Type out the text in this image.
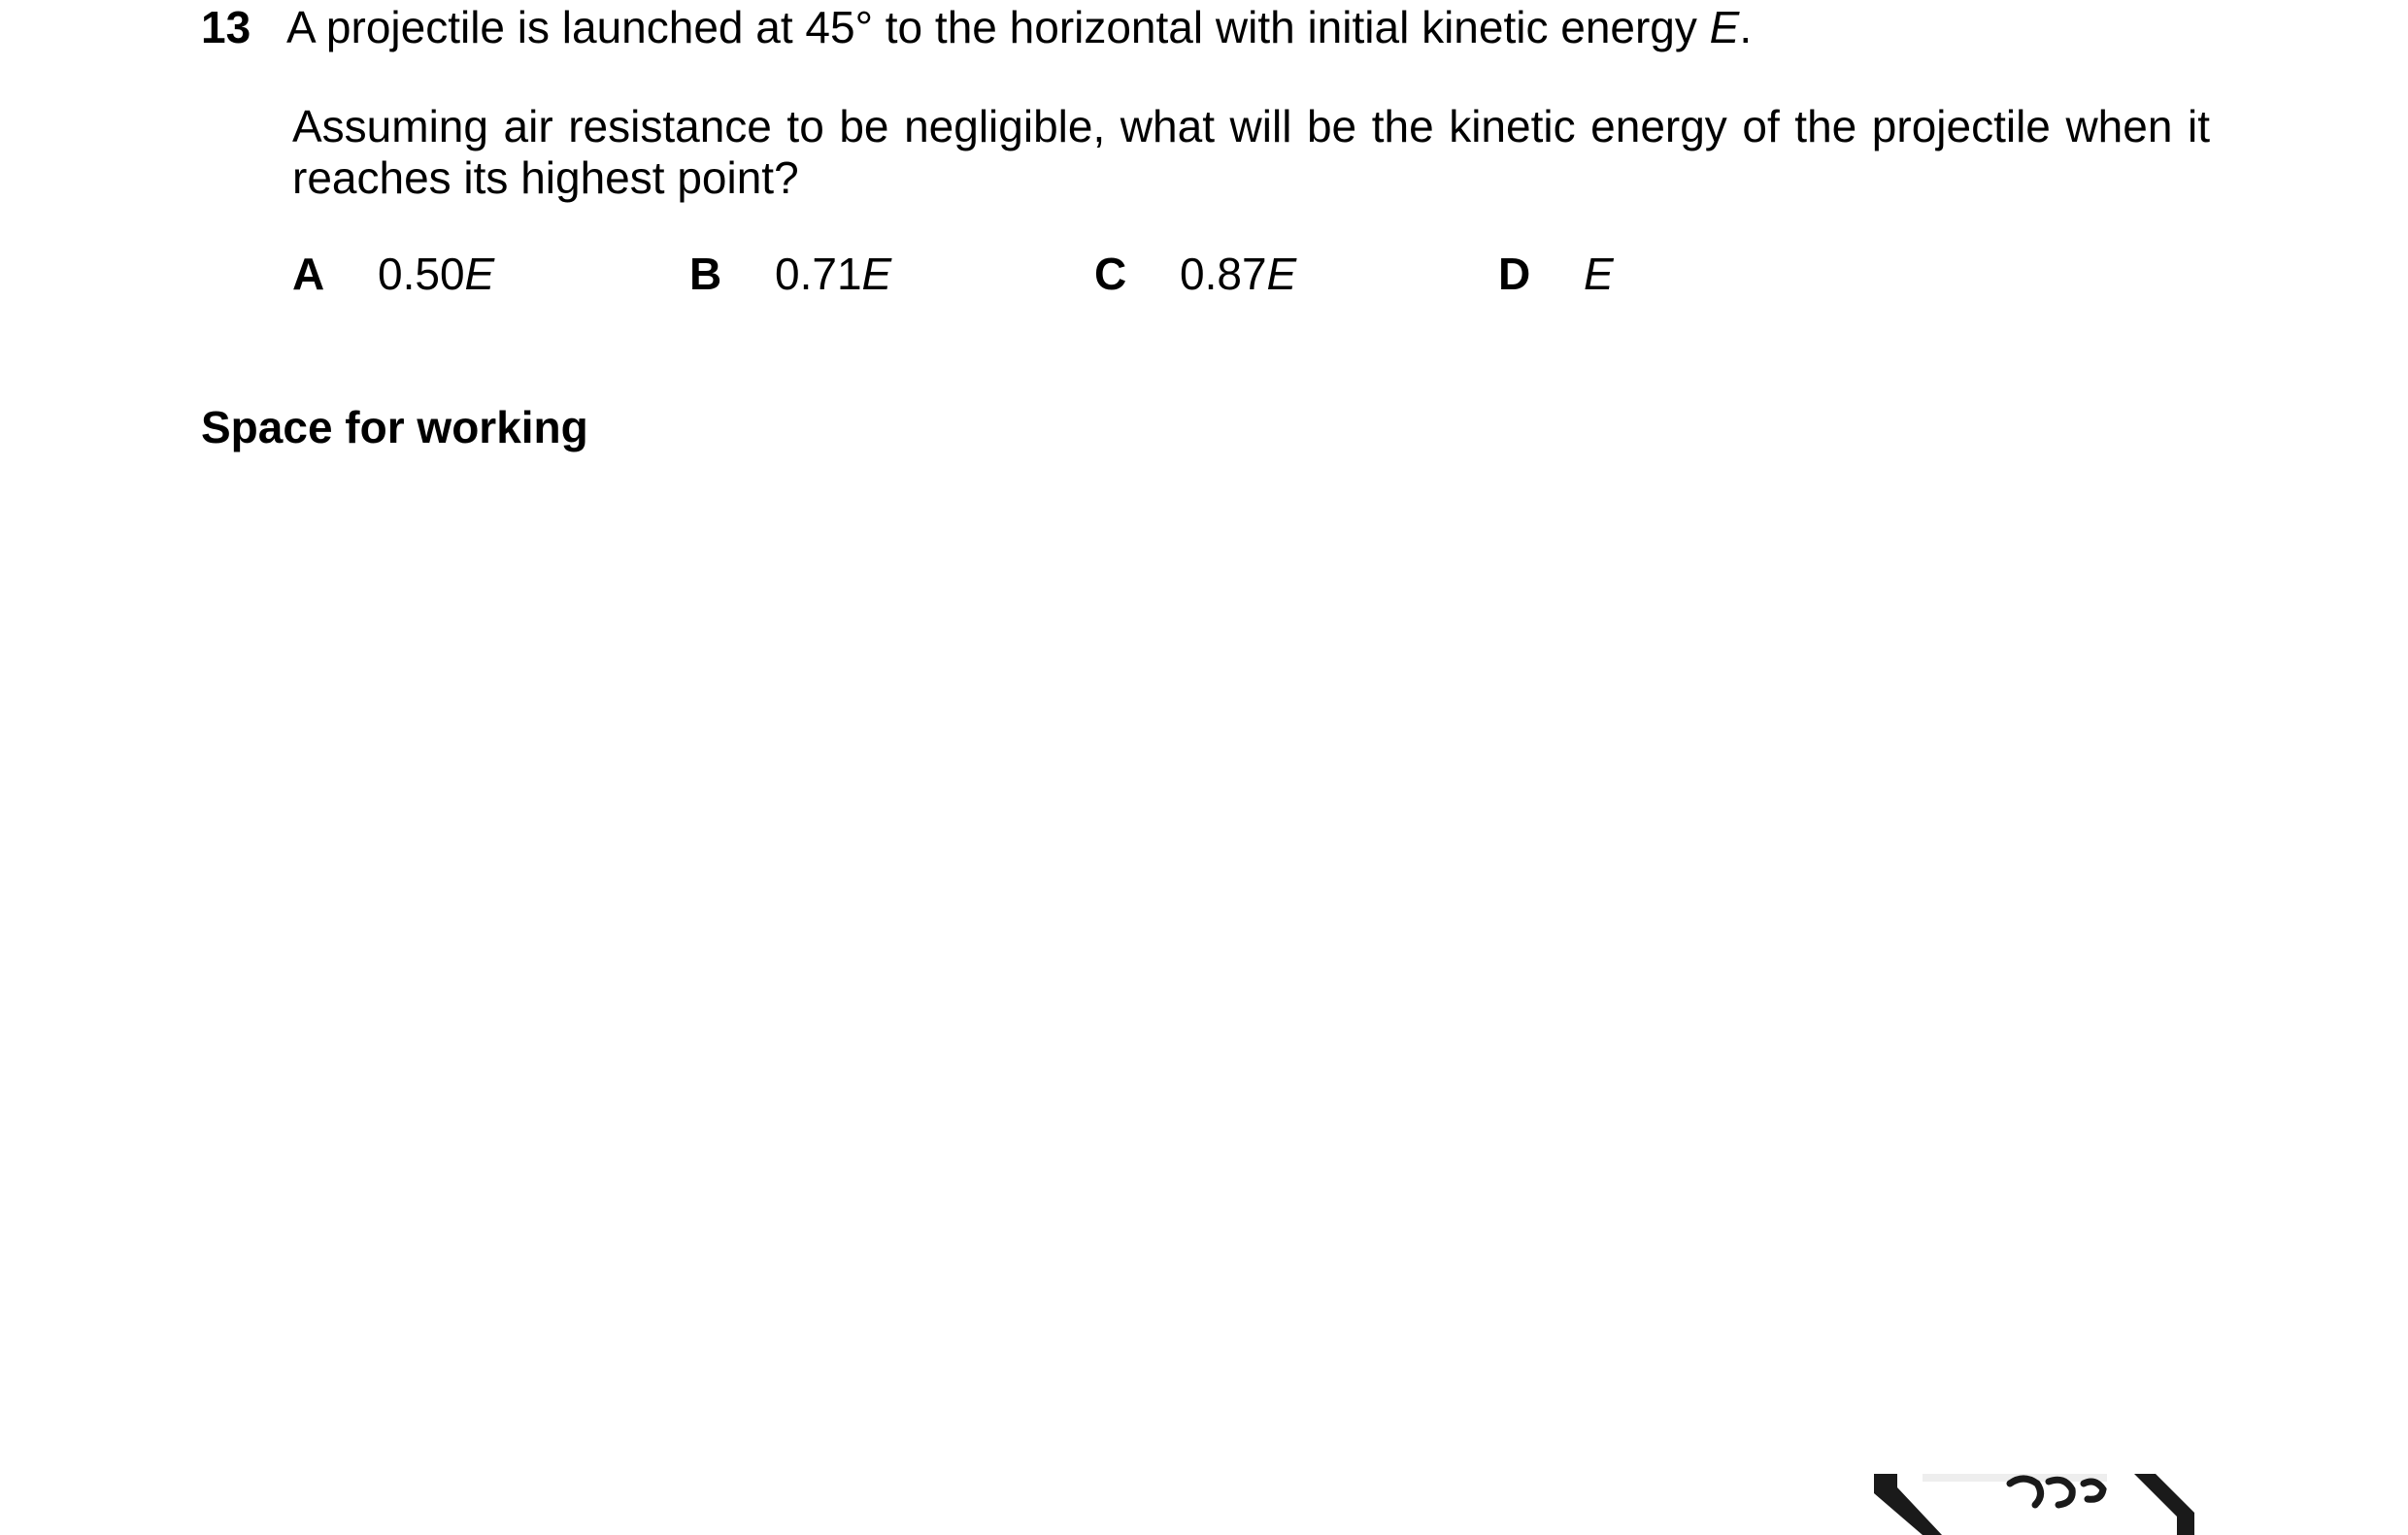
13 A projectile is launched at 45° to the horizontal with initial kinetic energy E.
Assuming air resistance to be negligible, what will be the kinetic energy of the projectile when it reaches its highest point?
A 0.50E	B 0.71E	C 0.87E	D E
Space for working
